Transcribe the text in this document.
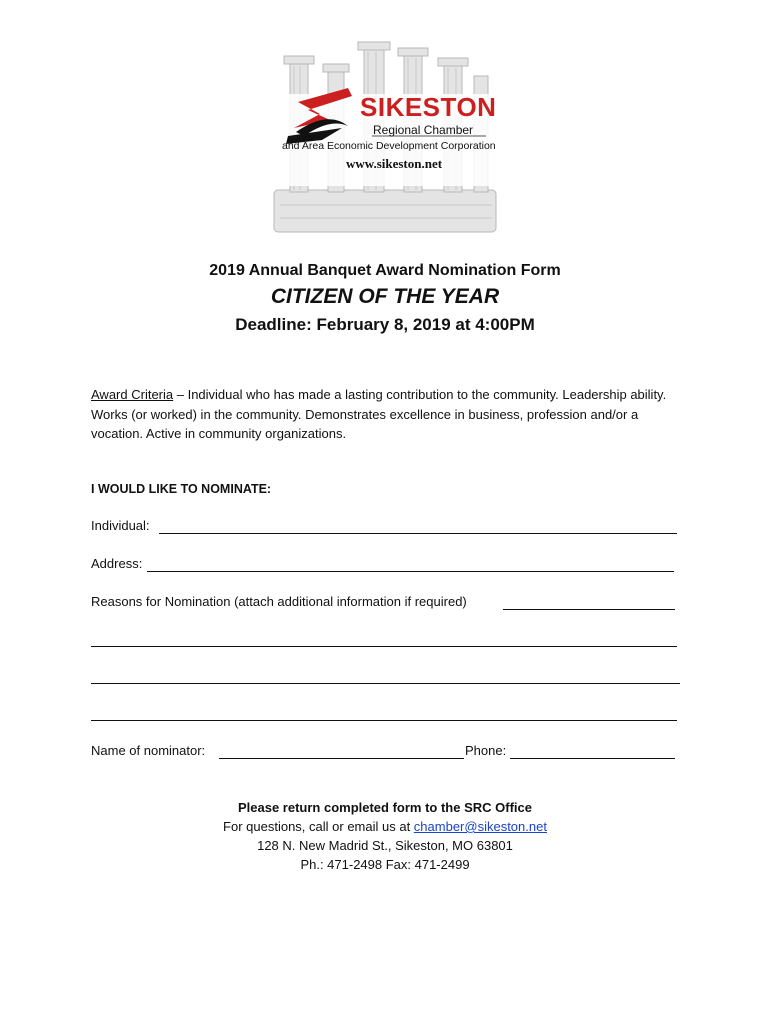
SIKESTON
Regional Chamber
and Area Economic Development Corporation
www.sikeston.net
2019 Annual Banquet Award Nomination Form
CITIZEN OF THE YEAR
Deadline: February 8, 2019 at 4:00PM
Award Criteria – Individual who has made a lasting contribution to the community. Leadership ability. Works (or worked) in the community. Demonstrates excellence in business, profession and/or a vocation. Active in community organizations.
I WOULD LIKE TO NOMINATE:
Individual:
Address:
Reasons for Nomination (attach additional information if required)
Name of nominator:	Phone:
Please return completed form to the SRC Office
For questions, call or email us at chamber@sikeston.net
128 N. New Madrid St., Sikeston, MO 63801
Ph.: 471-2498 Fax: 471-2499
